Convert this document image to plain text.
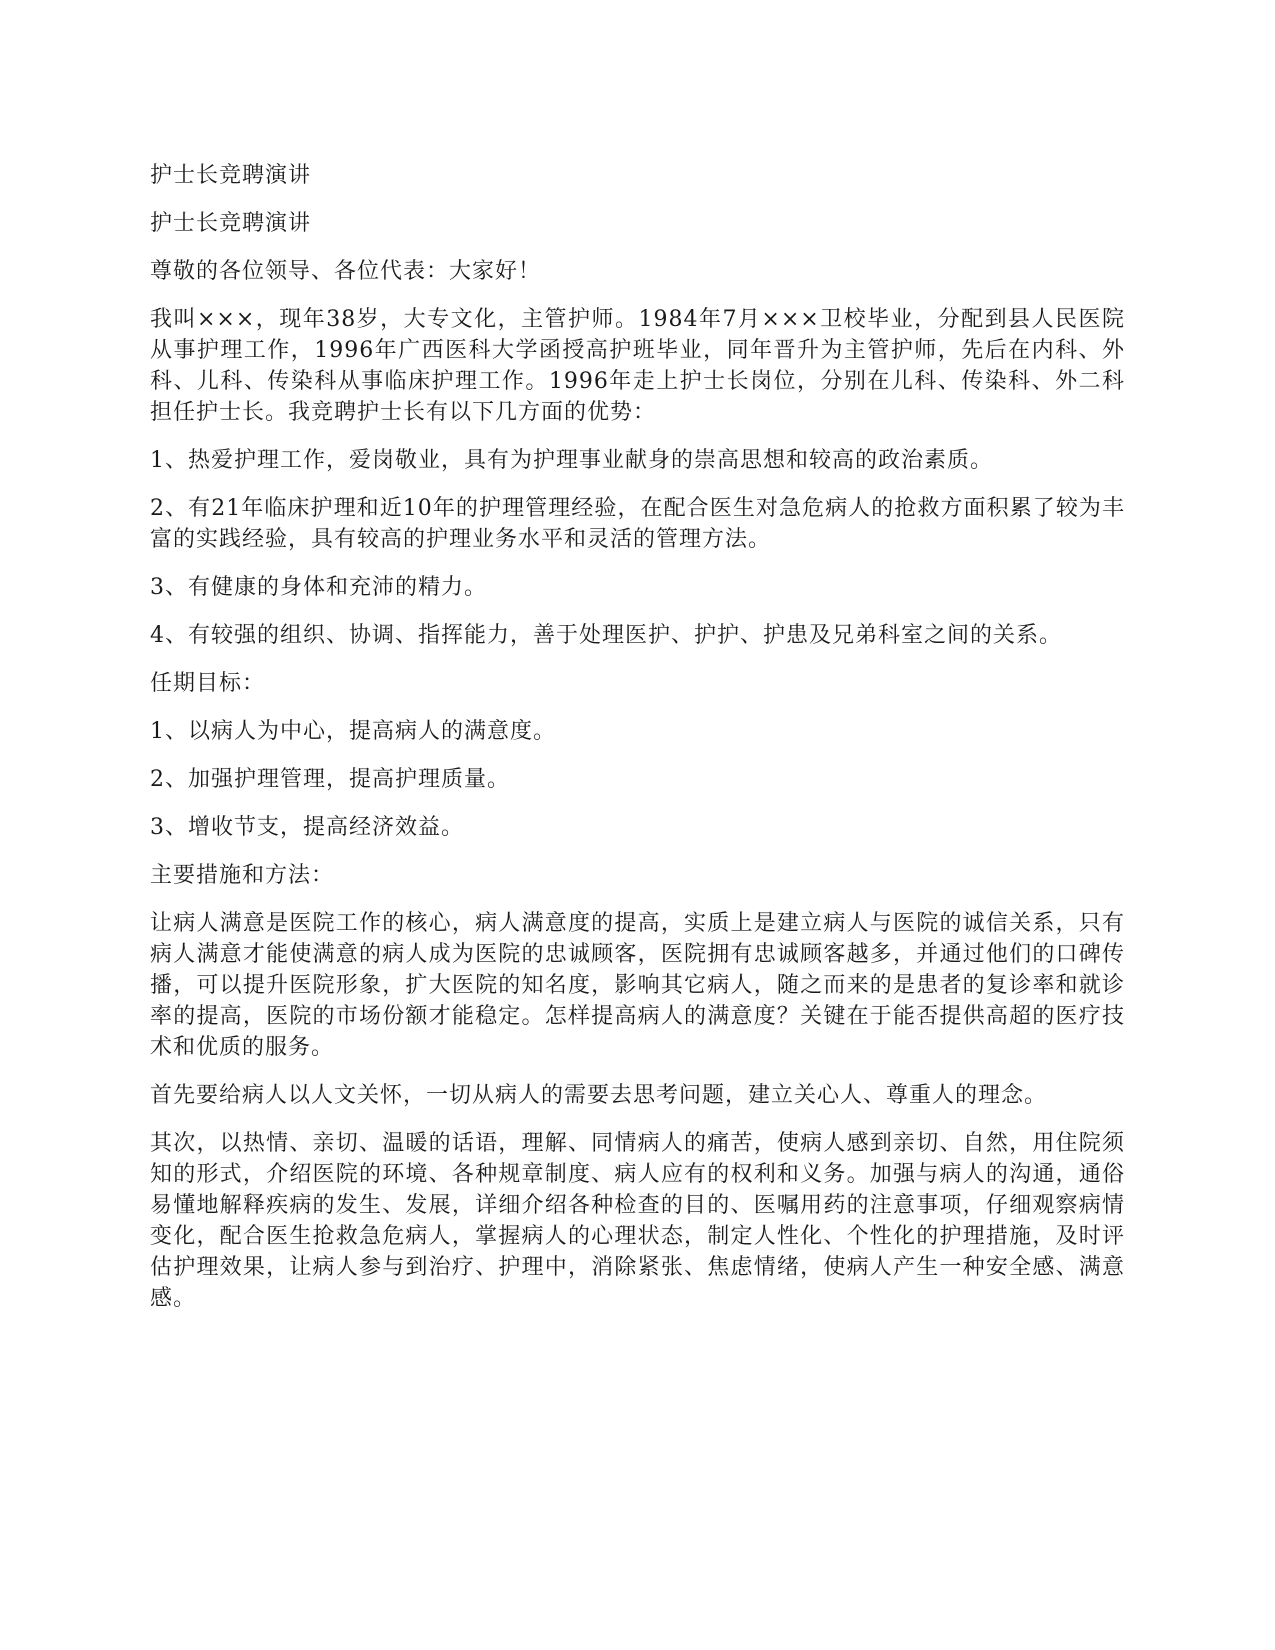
护士长竞聘演讲

护士长竞聘演讲

尊敬的各位领导、各位代表：大家好！

我叫×××，现年38岁，大专文化，主管护师。1984年7月×××卫校毕业，分配到县人民医院从事护理工作，1996年广西医科大学函授高护班毕业，同年晋升为主管护师，先后在内科、外科、儿科、传染科从事临床护理工作。1996年走上护士长岗位，分别在儿科、传染科、外二科担任护士长。我竞聘护士长有以下几方面的优势：

1、热爱护理工作，爱岗敬业，具有为护理事业献身的崇高思想和较高的政治素质。

2、有21年临床护理和近10年的护理管理经验，在配合医生对急危病人的抢救方面积累了较为丰富的实践经验，具有较高的护理业务水平和灵活的管理方法。

3、有健康的身体和充沛的精力。

4、有较强的组织、协调、指挥能力，善于处理医护、护护、护患及兄弟科室之间的关系。

任期目标：

1、以病人为中心，提高病人的满意度。

2、加强护理管理，提高护理质量。

3、增收节支，提高经济效益。

主要措施和方法：

让病人满意是医院工作的核心，病人满意度的提高，实质上是建立病人与医院的诚信关系，只有病人满意才能使满意的病人成为医院的忠诚顾客，医院拥有忠诚顾客越多，并通过他们的口碑传播，可以提升医院形象，扩大医院的知名度，影响其它病人，随之而来的是患者的复诊率和就诊率的提高，医院的市场份额才能稳定。怎样提高病人的满意度？关键在于能否提供高超的医疗技术和优质的服务。

首先要给病人以人文关怀，一切从病人的需要去思考问题，建立关心人、尊重人的理念。

其次，以热情、亲切、温暖的话语，理解、同情病人的痛苦，使病人感到亲切、自然，用住院须知的形式，介绍医院的环境、各种规章制度、病人应有的权利和义务。加强与病人的沟通，通俗易懂地解释疾病的发生、发展，详细介绍各种检查的目的、医嘱用药的注意事项，仔细观察病情变化，配合医生抢救急危病人，掌握病人的心理状态，制定人性化、个性化的护理措施，及时评估护理效果，让病人参与到治疗、护理中，消除紧张、焦虑情绪，使病人产生一种安全感、满意感。
